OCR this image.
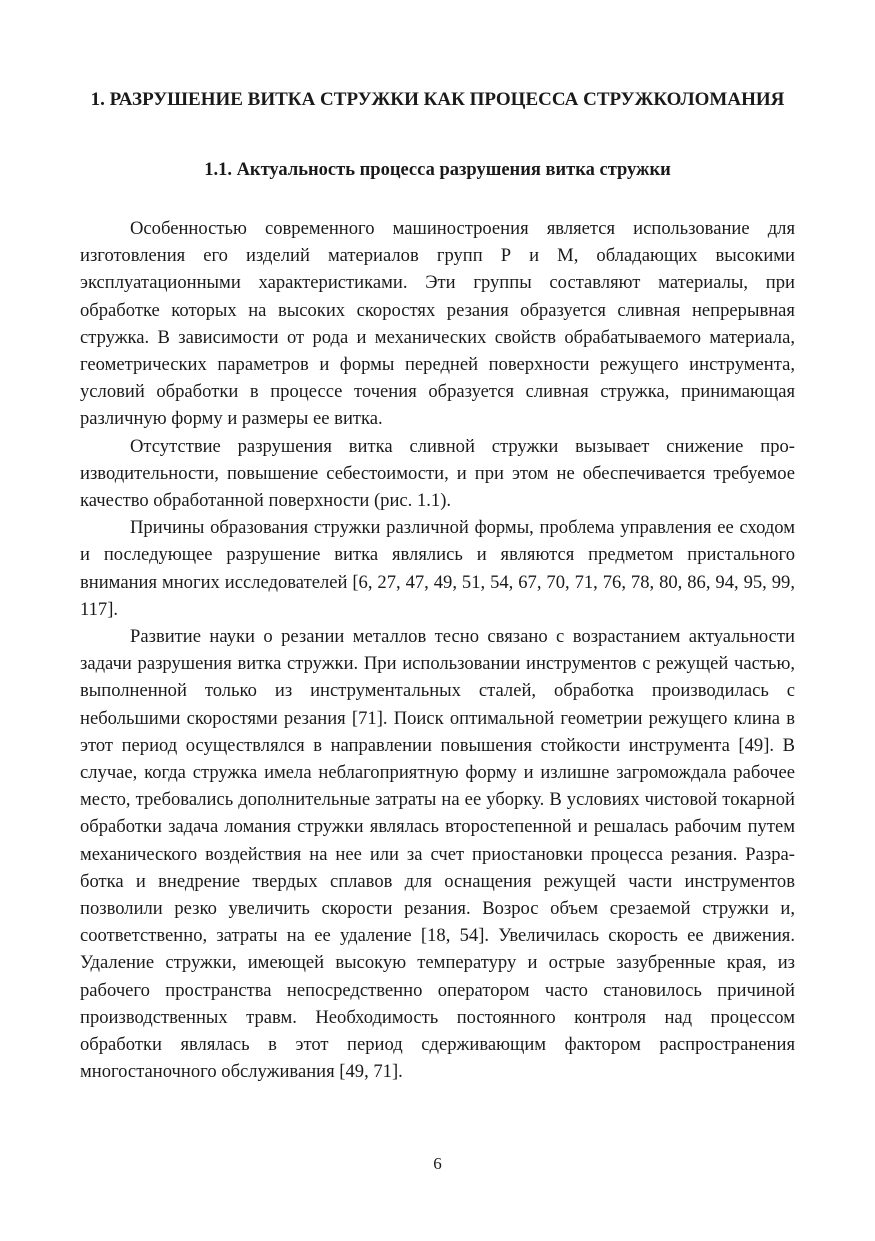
1. РАЗРУШЕНИЕ ВИТКА СТРУЖКИ КАК ПРОЦЕССА СТРУЖКОЛОМАНИЯ
1.1. Актуальность процесса разрушения витка стружки

Особенностью современного машиностроения является использование для изготовления его изделий материалов групп Р и М, обладающих высокими эксплуатационными характеристиками. Эти группы составляют материалы, при обработке которых на высоких скоростях резания образуется сливная непрерывная стружка. В зависимости от рода и механических свойств обрабатываемого материала, геометрических параметров и формы передней поверхности режущего инструмента, условий обработки в процессе точения образуется сливная стружка, принимающая различную форму и размеры ее витка.

Отсутствие разрушения витка сливной стружки вызывает снижение производительности, повышение себестоимости, и при этом не обеспечивается требуемое качество обработанной поверхности (рис. 1.1).

Причины образования стружки различной формы, проблема управления ее сходом и последующее разрушение витка являлись и являются предметом пристального внимания многих исследователей [6, 27, 47, 49, 51, 54, 67, 70, 71, 76, 78, 80, 86, 94, 95, 99, 117].

Развитие науки о резании металлов тесно связано с возрастанием актуальности задачи разрушения витка стружки. При использовании инструментов с режущей частью, выполненной только из инструментальных сталей, обработка производилась с небольшими скоростями резания [71]. Поиск оптимальной геометрии режущего клина в этот период осуществлялся в направлении повышения стойкости инструмента [49]. В случае, когда стружка имела неблагоприятную форму и излишне загромождала рабочее место, требовались дополнительные затраты на ее уборку. В условиях чистовой токарной обработки задача ломания стружки являлась второстепенной и решалась рабочим путем механического воздействия на нее или за счет приостановки процесса резания. Разработка и внедрение твердых сплавов для оснащения режущей части инструментов позволили резко увеличить скорости резания. Возрос объем срезаемой стружки и, соответственно, затраты на ее удаление [18, 54]. Увеличилась скорость ее движения. Удаление стружки, имеющей высокую температуру и острые зазубренные края, из рабочего пространства непосредственно оператором часто становилось причиной производственных травм. Необходимость постоянного контроля над процессом обработки являлась в этот период сдерживающим фактором распространения многостаночного обслуживания [49, 71].

6
